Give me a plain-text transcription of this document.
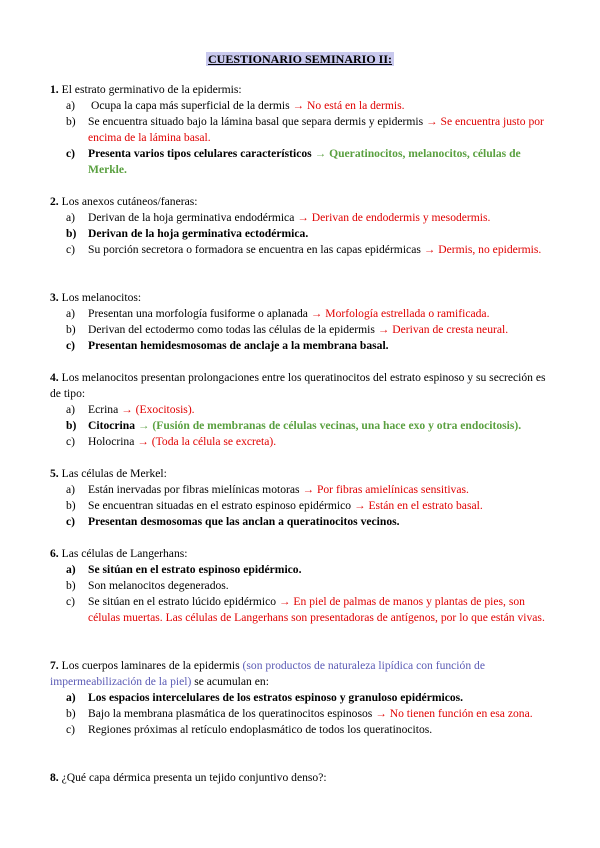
CUESTIONARIO SEMINARIO II:
1. El estrato germinativo de la epidermis:
a) Ocupa la capa más superficial de la dermis → No está en la dermis.
b) Se encuentra situado bajo la lámina basal que separa dermis y epidermis → Se encuentra justo por encima de la lámina basal.
c) Presenta varios tipos celulares característicos → Queratinocitos, melanocitos, células de Merkle.
2. Los anexos cutáneos/faneras:
a) Derivan de la hoja germinativa endodérmica → Derivan de endodermis y mesodermis.
b) Derivan de la hoja germinativa ectodérmica.
c) Su porción secretora o formadora se encuentra en las capas epidérmicas → Dermis, no epidermis.
3. Los melanocitos:
a) Presentan una morfología fusiforme o aplanada → Morfología estrellada o ramificada.
b) Derivan del ectodermo como todas las células de la epidermis → Derivan de cresta neural.
c) Presentan hemidesmosomas de anclaje a la membrana basal.
4. Los melanocitos presentan prolongaciones entre los queratinocitos del estrato espinoso y su secreción es de tipo:
a) Ecrina → (Exocitosis).
b) Citocrina → (Fusión de membranas de células vecinas, una hace exo y otra endocitosis).
c) Holocrina → (Toda la célula se excreta).
5. Las células de Merkel:
a) Están inervadas por fibras mielínicas motoras → Por fibras amielínicas sensitivas.
b) Se encuentran situadas en el estrato espinoso epidérmico → Están en el estrato basal.
c) Presentan desmosomas que las anclan a queratinocitos vecinos.
6. Las células de Langerhans:
a) Se sitúan en el estrato espinoso epidérmico.
b) Son melanocitos degenerados.
c) Se sitúan en el estrato lúcido epidérmico → En piel de palmas de manos y plantas de pies, son células muertas. Las células de Langerhans son presentadoras de antígenos, por lo que están vivas.
7. Los cuerpos laminares de la epidermis (son productos de naturaleza lipídica con función de impermeabilización de la piel) se acumulan en:
a) Los espacios intercelulares de los estratos espinoso y granuloso epidérmicos.
b) Bajo la membrana plasmática de los queratinocitos espinosos → No tienen función en esa zona.
c) Regiones próximas al retículo endoplasmático de todos los queratinocitos.
8. ¿Qué capa dérmica presenta un tejido conjuntivo denso?:
